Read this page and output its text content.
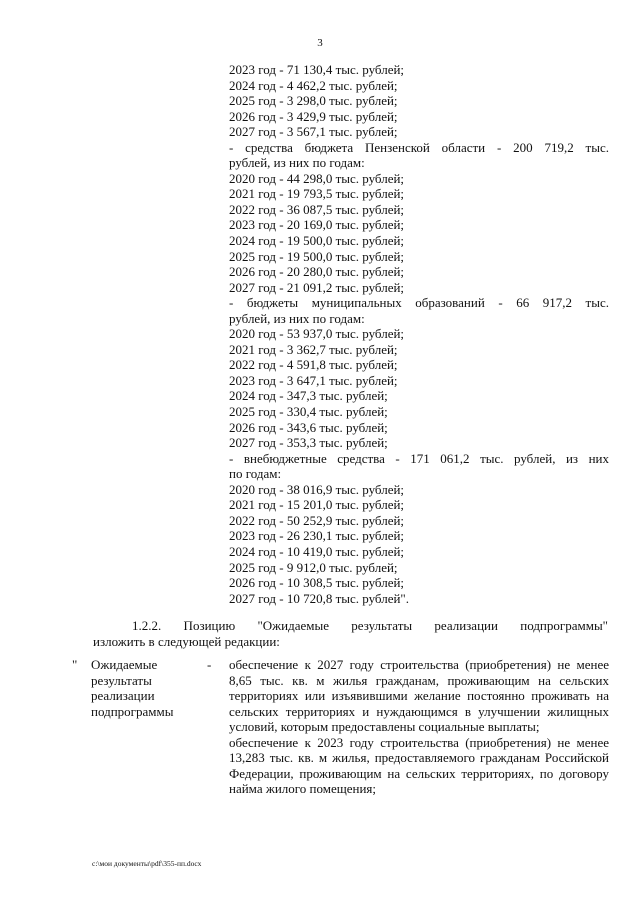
3
2023 год - 71 130,4 тыс. рублей;
2024 год - 4 462,2 тыс. рублей;
2025 год - 3 298,0 тыс. рублей;
2026 год - 3 429,9 тыс. рублей;
2027 год - 3 567,1 тыс. рублей;
- средства бюджета Пензенской области - 200 719,2 тыс.
рублей, из них по годам:
2020 год - 44 298,0 тыс. рублей;
2021 год - 19 793,5 тыс. рублей;
2022 год - 36 087,5 тыс. рублей;
2023 год - 20 169,0 тыс. рублей;
2024 год - 19 500,0 тыс. рублей;
2025 год - 19 500,0 тыс. рублей;
2026 год - 20 280,0 тыс. рублей;
2027 год - 21 091,2 тыс. рублей;
- бюджеты муниципальных образований - 66 917,2 тыс.
рублей, из них по годам:
2020 год - 53 937,0 тыс. рублей;
2021 год - 3 362,7 тыс. рублей;
2022 год - 4 591,8 тыс. рублей;
2023 год - 3 647,1 тыс. рублей;
2024 год - 347,3 тыс. рублей;
2025 год - 330,4 тыс. рублей;
2026 год - 343,6 тыс. рублей;
2027 год - 353,3 тыс. рублей;
- внебюджетные средства - 171 061,2 тыс. рублей, из них
по годам:
2020 год - 38 016,9 тыс. рублей;
2021 год - 15 201,0 тыс. рублей;
2022 год - 50 252,9 тыс. рублей;
2023 год - 26 230,1 тыс. рублей;
2024 год - 10 419,0 тыс. рублей;
2025 год - 9 912,0 тыс. рублей;
2026 год - 10 308,5 тыс. рублей;
2027 год - 10 720,8 тыс. рублей".
1.2.2. Позицию "Ожидаемые результаты реализации подпрограммы"
изложить в следующей редакции:
" Ожидаемые
результаты
реализации
подпрограммы
- обеспечение к 2027 году строительства (приобретения) не менее 8,65 тыс. кв. м жилья гражданам, проживающим на сельских территориях или изъявившими желание постоянно проживать на сельских территориях и нуждающимся в улучшении жилищных условий, которым предоставлены социальные выплаты;
обеспечение к 2023 году строительства (приобретения) не менее 13,283 тыс. кв. м жилья, предоставляемого гражданам Российской Федерации, проживающим на сельских территориях, по договору найма жилого помещения;
c:\мои документы\pdf\355-пп.docx
